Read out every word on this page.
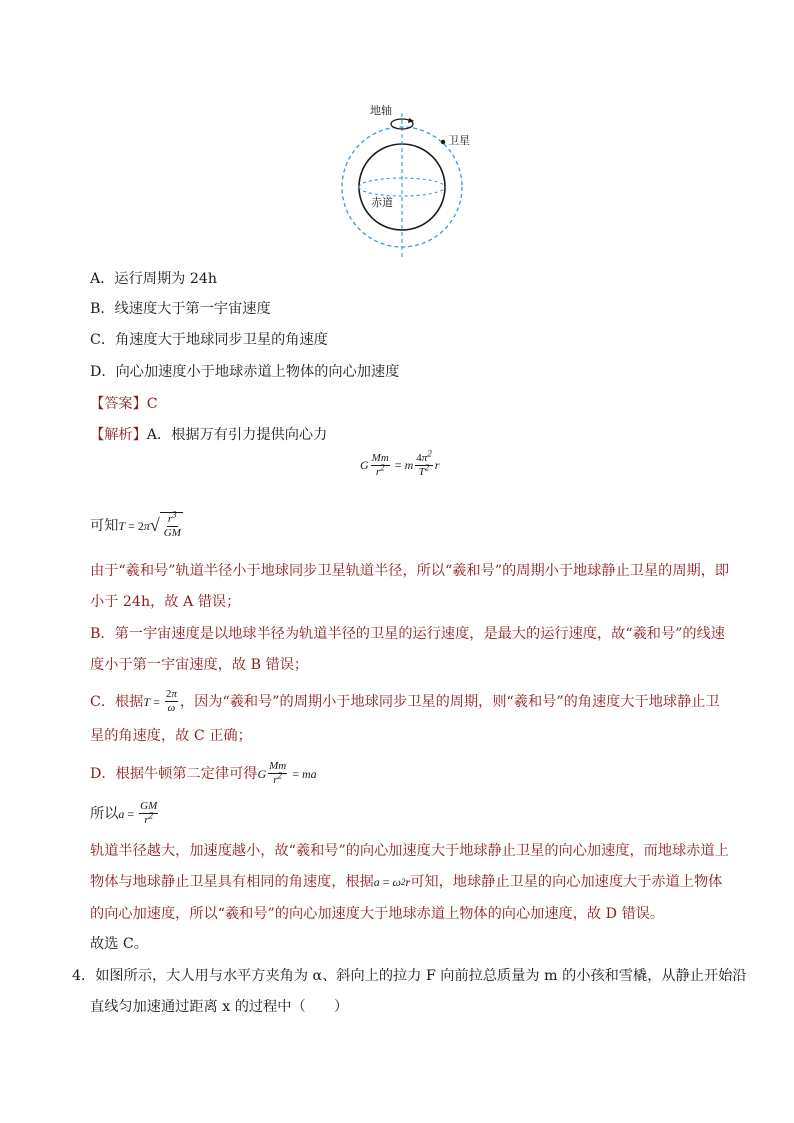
地轴
卫星
赤道
A．运行周期为 24h
B．线速度大于第一宇宙速度
C．角速度大于地球同步卫星的角速度
D．向心加速度小于地球赤道上物体的向心加速度
【答案】C
【解析】A．根据万有引力提供向心力
G $\frac{Mm}{r^2} = m \frac{4\pi^2}{T^2}$ r
可知 T = 2 π √ $\frac{r^3}{GM}$
由于“羲和号”轨道半径小于地球同步卫星轨道半径，所以“羲和号”的周期小于地球静止卫星的周期，即
小于 24h，故 A 错误；
B．第一宇宙速度是以地球半径为轨道半径的卫星的运行速度，是最大的运行速度，故“羲和号”的线速
度小于第一宇宙速度，故 B 错误；
C．根据 $T = \frac{2\pi}{\omega}$ ，因为“羲和号”的周期小于地球同步卫星的周期，则“羲和号”的角速度大于地球静止卫
星的角速度，故 C 正确；
D．根据牛顿第二定律可得 G $\frac{Mm}{r^2}$ = ma
所以 $a = \frac{GM}{r^2}$
轨道半径越大，加速度越小，故“羲和号”的向心加速度大于地球静止卫星的向心加速度，而地球赤道上
物体与地球静止卫星具有相同的角速度，根据 a = ω 2 r 可知，地球静止卫星的向心加速度大于赤道上物体
的向心加速度，所以“羲和号”的向心加速度大于地球赤道上物体的向心加速度，故 D 错误。
故选 C。
4．如图所示，大人用与水平方夹角为 α、斜向上的拉力 F 向前拉总质量为 m 的小孩和雪橇，从静止开始沿
直线匀加速通过距离 x 的过程中（　　）
